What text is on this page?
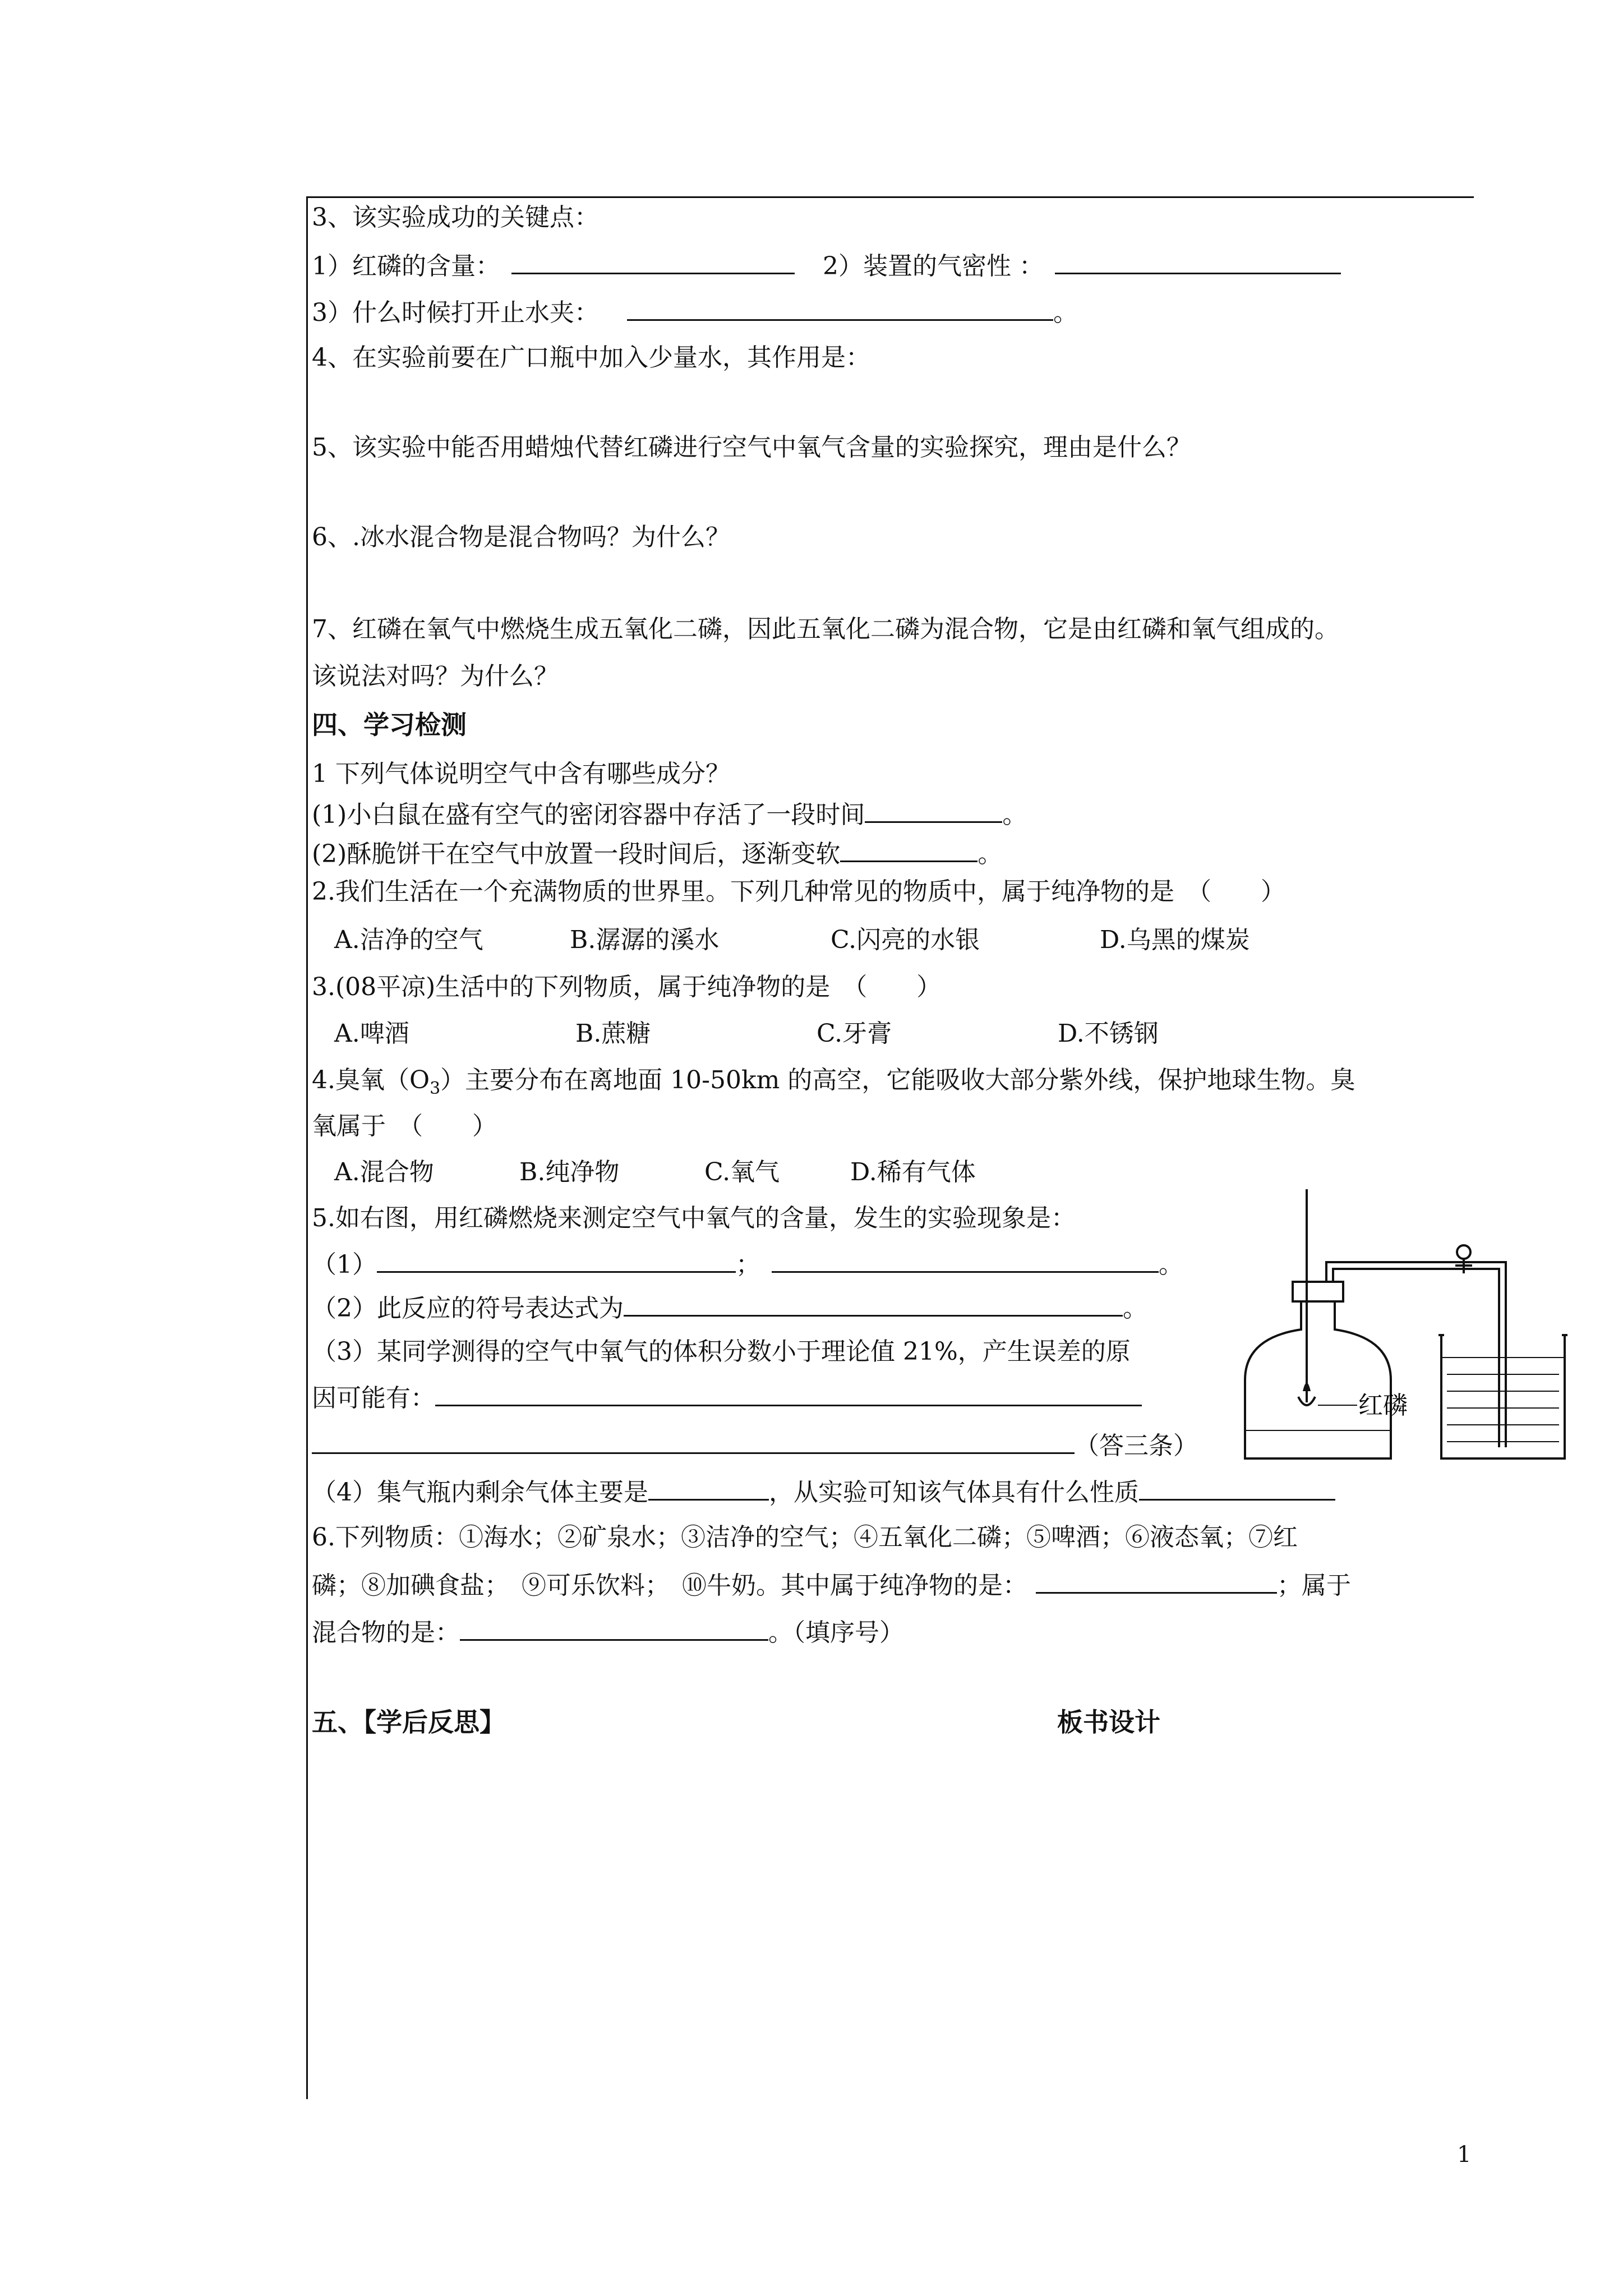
3、该实验成功的关键点：
1）红磷的含量：	2）装置的气密性 ：
3）什么时候打开止水夹：	。
4、在实验前要在广口瓶中加入少量水，其作用是：
5、该实验中能否用蜡烛代替红磷进行空气中氧气含量的实验探究，理由是什么？
6、.冰水混合物是混合物吗？为什么？
7、红磷在氧气中燃烧生成五氧化二磷，因此五氧化二磷为混合物，它是由红磷和氧气组成的。
该说法对吗？为什么？
四、学习检测
1 下列气体说明空气中含有哪些成分？
(1)小白鼠在盛有空气的密闭容器中存活了一段时间	。
(2)酥脆饼干在空气中放置一段时间后，逐渐变软	。
2.我们生活在一个充满物质的世界里。下列几种常见的物质中，属于纯净物的是　（　　）
A.洁净的空气	B.潺潺的溪水	C.闪亮的水银	D.乌黑的煤炭
3.(08平凉)生活中的下列物质，属于纯净物的是　（　　）
A.啤酒	B.蔗糖	C.牙膏	D.不锈钢
4.臭氧$(O_3)$主要分布在离地面 10-50km 的高空，它能吸收大部分紫外线，保护地球生物。臭
氧属于　（　　）
A.混合物	B.纯净物	C.氧气	D.稀有气体
5.如右图，用红磷燃烧来测定空气中氧气的含量，发生的实验现象是：
（1）	；	。
（2）此反应的符号表达式为	。
（3）某同学测得的空气中氧气的体积分数小于理论值 21%，产生误差的原
因可能有：
（答三条）
（4）集气瓶内剩余气体主要是	，从实验可知该气体具有什么性质
6.下列物质：①海水；②矿泉水；③洁净的空气；④五氧化二磷；⑤啤酒；⑥液态氧；⑦红
磷；⑧加碘食盐；　⑨可乐饮料；　⑩牛奶。其中属于纯净物的是：	；属于
混合物的是：	。（填序号）
五、【学后反思】	板书设计
红磷
1
